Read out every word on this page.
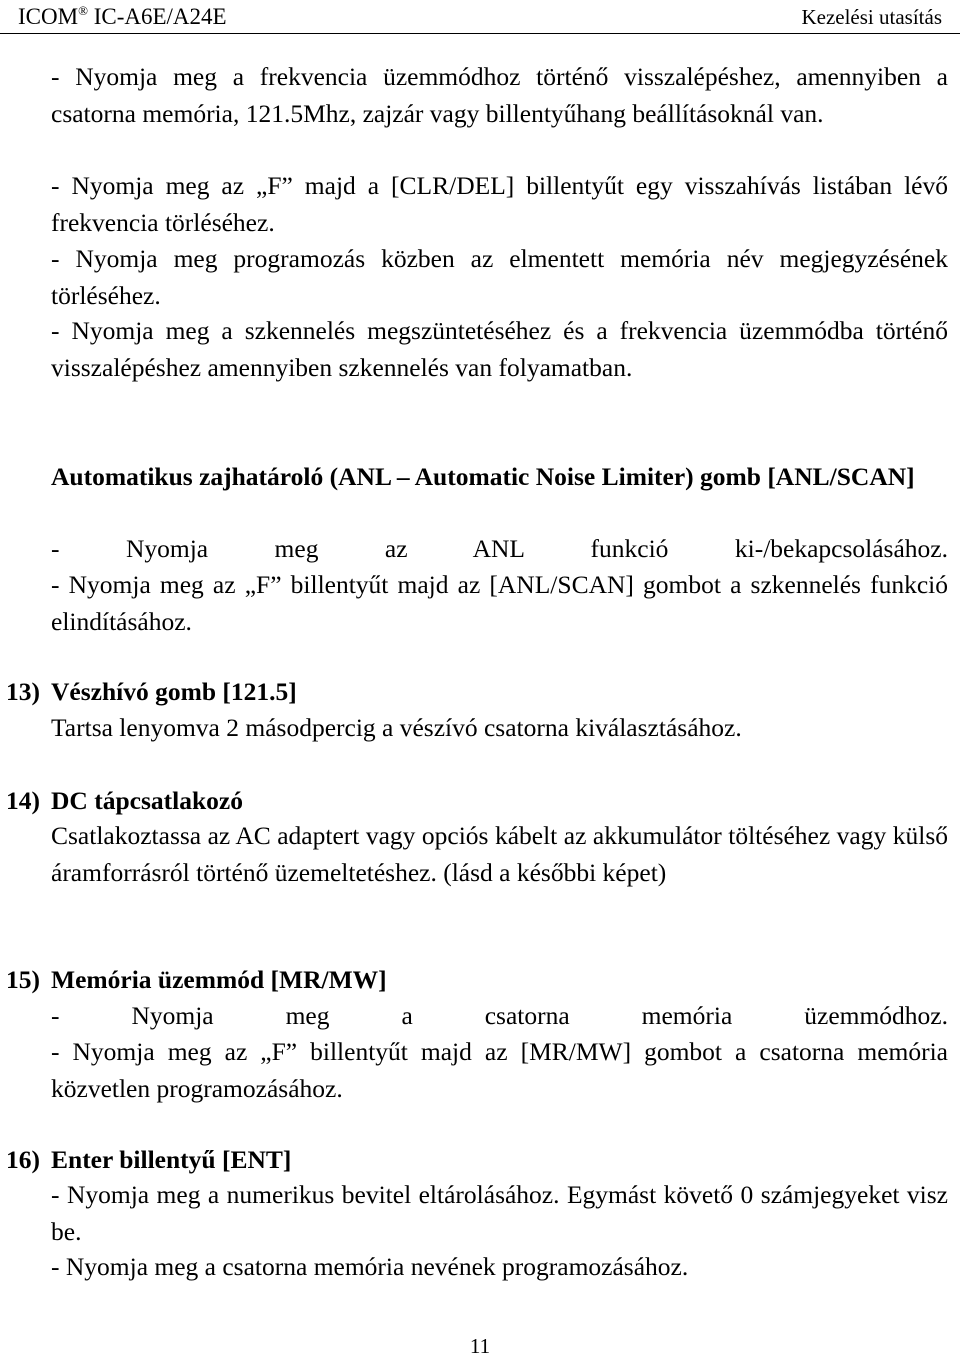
ICOM® IC-A6E/A24E	Kezelési utasítás
- Nyomja meg a frekvencia üzemmódhoz történő visszalépéshez, amennyiben a csatorna memória, 121.5Mhz, zajzár vagy billentyűhang beállításoknál van.
- Nyomja meg az „F” majd a [CLR/DEL] billentyűt egy visszahívás listában lévő frekvencia törléséhez.
- Nyomja meg programozás közben az elmentett memória név megjegyzésének törléséhez.
- Nyomja meg a szkennelés megszüntetéséhez és a frekvencia üzemmódba történő visszalépéshez amennyiben szkennelés van folyamatban.
Automatikus zajhatároló (ANL – Automatic Noise Limiter) gomb [ANL/SCAN]
- Nyomja meg az ANL funkció ki-/bekapcsolásához.
- Nyomja meg az „F” billentyűt majd az [ANL/SCAN] gombot a szkennelés funkció elindításához.
13) Vészhívó gomb [121.5]
Tartsa lenyomva 2 másodpercig a vészívó csatorna kiválasztásához.
14) DC tápcsatlakozó
Csatlakoztassa az AC adaptert vagy opciós kábelt az akkumulátor töltéséhez vagy külső áramforrásról történő üzemeltetéshez. (lásd a későbbi képet)
15) Memória üzemmód [MR/MW]
- Nyomja meg a csatorna memória üzemmódhoz.
- Nyomja meg az „F” billentyűt majd az [MR/MW] gombot a csatorna memória közvetlen programozásához.
16) Enter billentyű [ENT]
- Nyomja meg a numerikus bevitel eltárolásához. Egymást követő 0 számjegyeket visz be.
- Nyomja meg a csatorna memória nevének programozásához.
11
